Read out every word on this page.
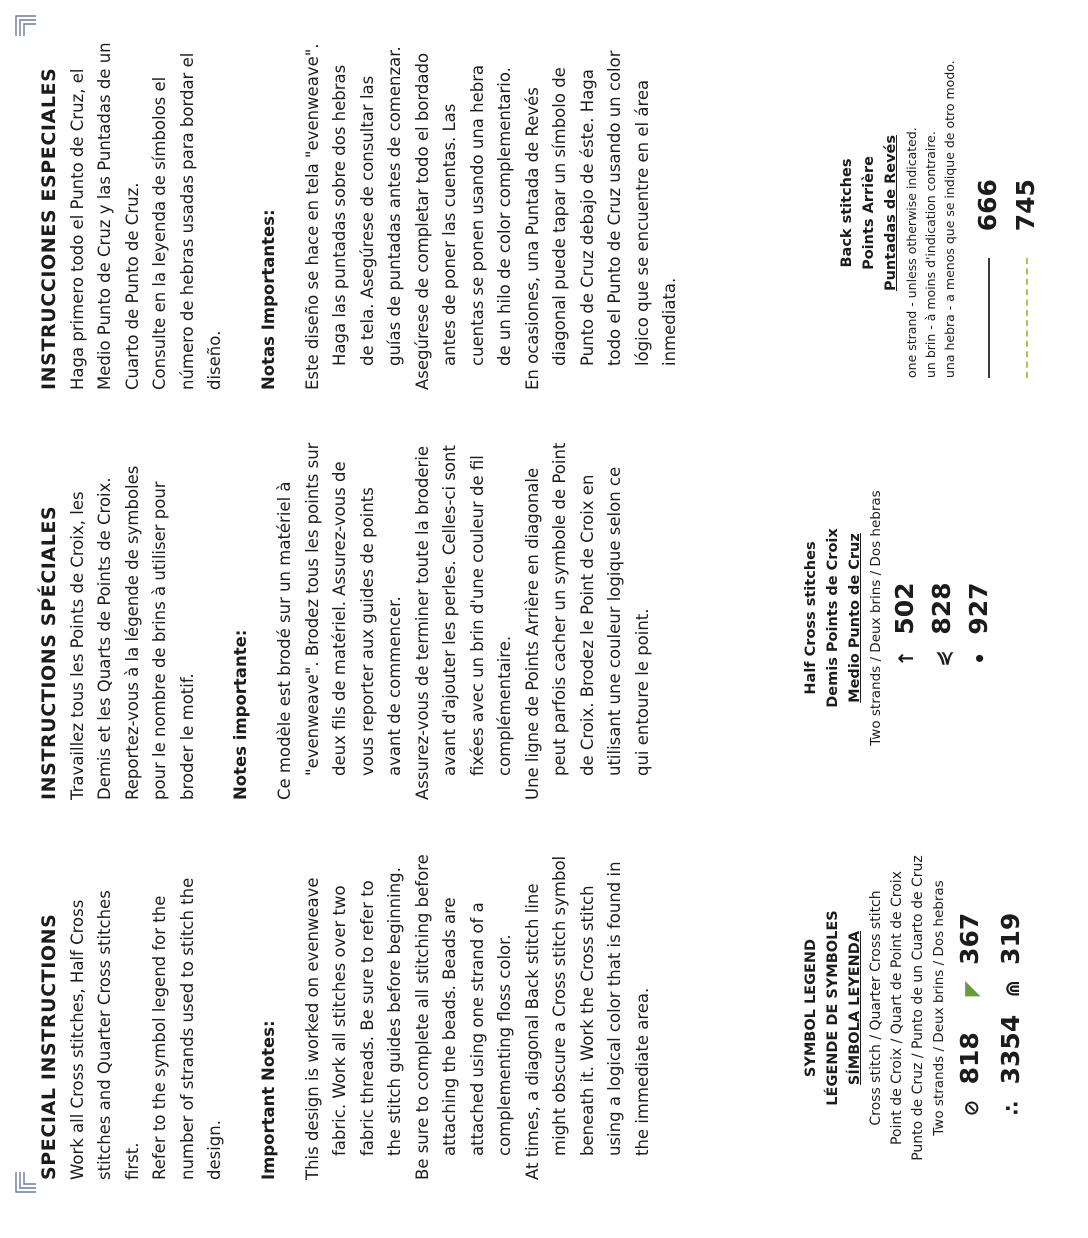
SPECIAL INSTRUCTIONS Work all Cross stitches, Half Cross stitches and Quarter Cross stitches first. Refer to the symbol legend for the number of strands used to stitch the design. Important Notes: This design is worked on evenweave fabric. Work all stitches over two fabric threads. Be sure to refer to the stitch guides before beginning. Be sure to complete all stitching before attaching the beads. Beads are attached using one strand of a complementing floss color. At times, a diagonal Back stitch line might obscure a Cross stitch symbol beneath it. Work the Cross stitch using a logical color that is found in the immediate area.

INSTRUCTIONS SPÉCIALES Travaillez tous les Points de Croix, les Demis et les Quarts de Points de Croix. Reportez-vous à la légende de symboles pour le nombre de brins à utiliser pour broder le motif. Notes importante: Ce modèle est brodé sur un matériel à "evenweave". Brodez tous les points sur deux fils de matériel. Assurez-vous de vous reporter aux guides de points avant de commencer. Assurez-vous de terminer toute la broderie avant d'ajouter les perles. Celles-ci sont fixées avec un brin d'une couleur de fil complémentaire. Une ligne de Points Arrière en diagonale peut parfois cacher un symbole de Point de Croix. Brodez le Point de Croix en utilisant une couleur logique selon ce qui entoure le point.

INSTRUCCIONES ESPECIALES Haga primero todo el Punto de Cruz, el Medio Punto de Cruz y las Puntadas de un Cuarto de Punto de Cruz. Consulte en la leyenda de símbolos el número de hebras usadas para bordar el diseño. Notas Importantes: Este diseño se hace en tela "evenweave". Haga las puntadas sobre dos hebras de tela. Asegúrese de consultar las guías de puntadas antes de comenzar. Asegúrese de completar todo el bordado antes de poner las cuentas. Las cuentas se ponen usando una hebra de un hilo de color complementario. En ocasiones, una Puntada de Revés diagonal puede tapar un símbolo de Punto de Cruz debajo de éste. Haga todo el Punto de Cruz usando un color lógico que se encuentre en el área inmediata.

SYMBOL LEGEND LÉGENDE DE SYMBOLES SÍMBOLA LEYENDA Cross stitch / Quarter Cross stitch Point de Croix / Quart de Point de Croix Punto de Cruz / Punto de un Cuarto de Cruz Two strands / Deux brins / Dos hebras ⊘ 818 ◤ 367
∴ 3354 ⋒ 319
Half Cross stitches Demis Points de Croix Medio Punto de Cruz Two strands / Deux brins / Dos hebras ↑ 502
⋞ 828
• 927
Back stitches Points Arrière Puntadas de Revés one strand - unless otherwise indicated. un brin - à moins d'indication contraire. una hebra - a menos que se indique de otro modo. 666 745
